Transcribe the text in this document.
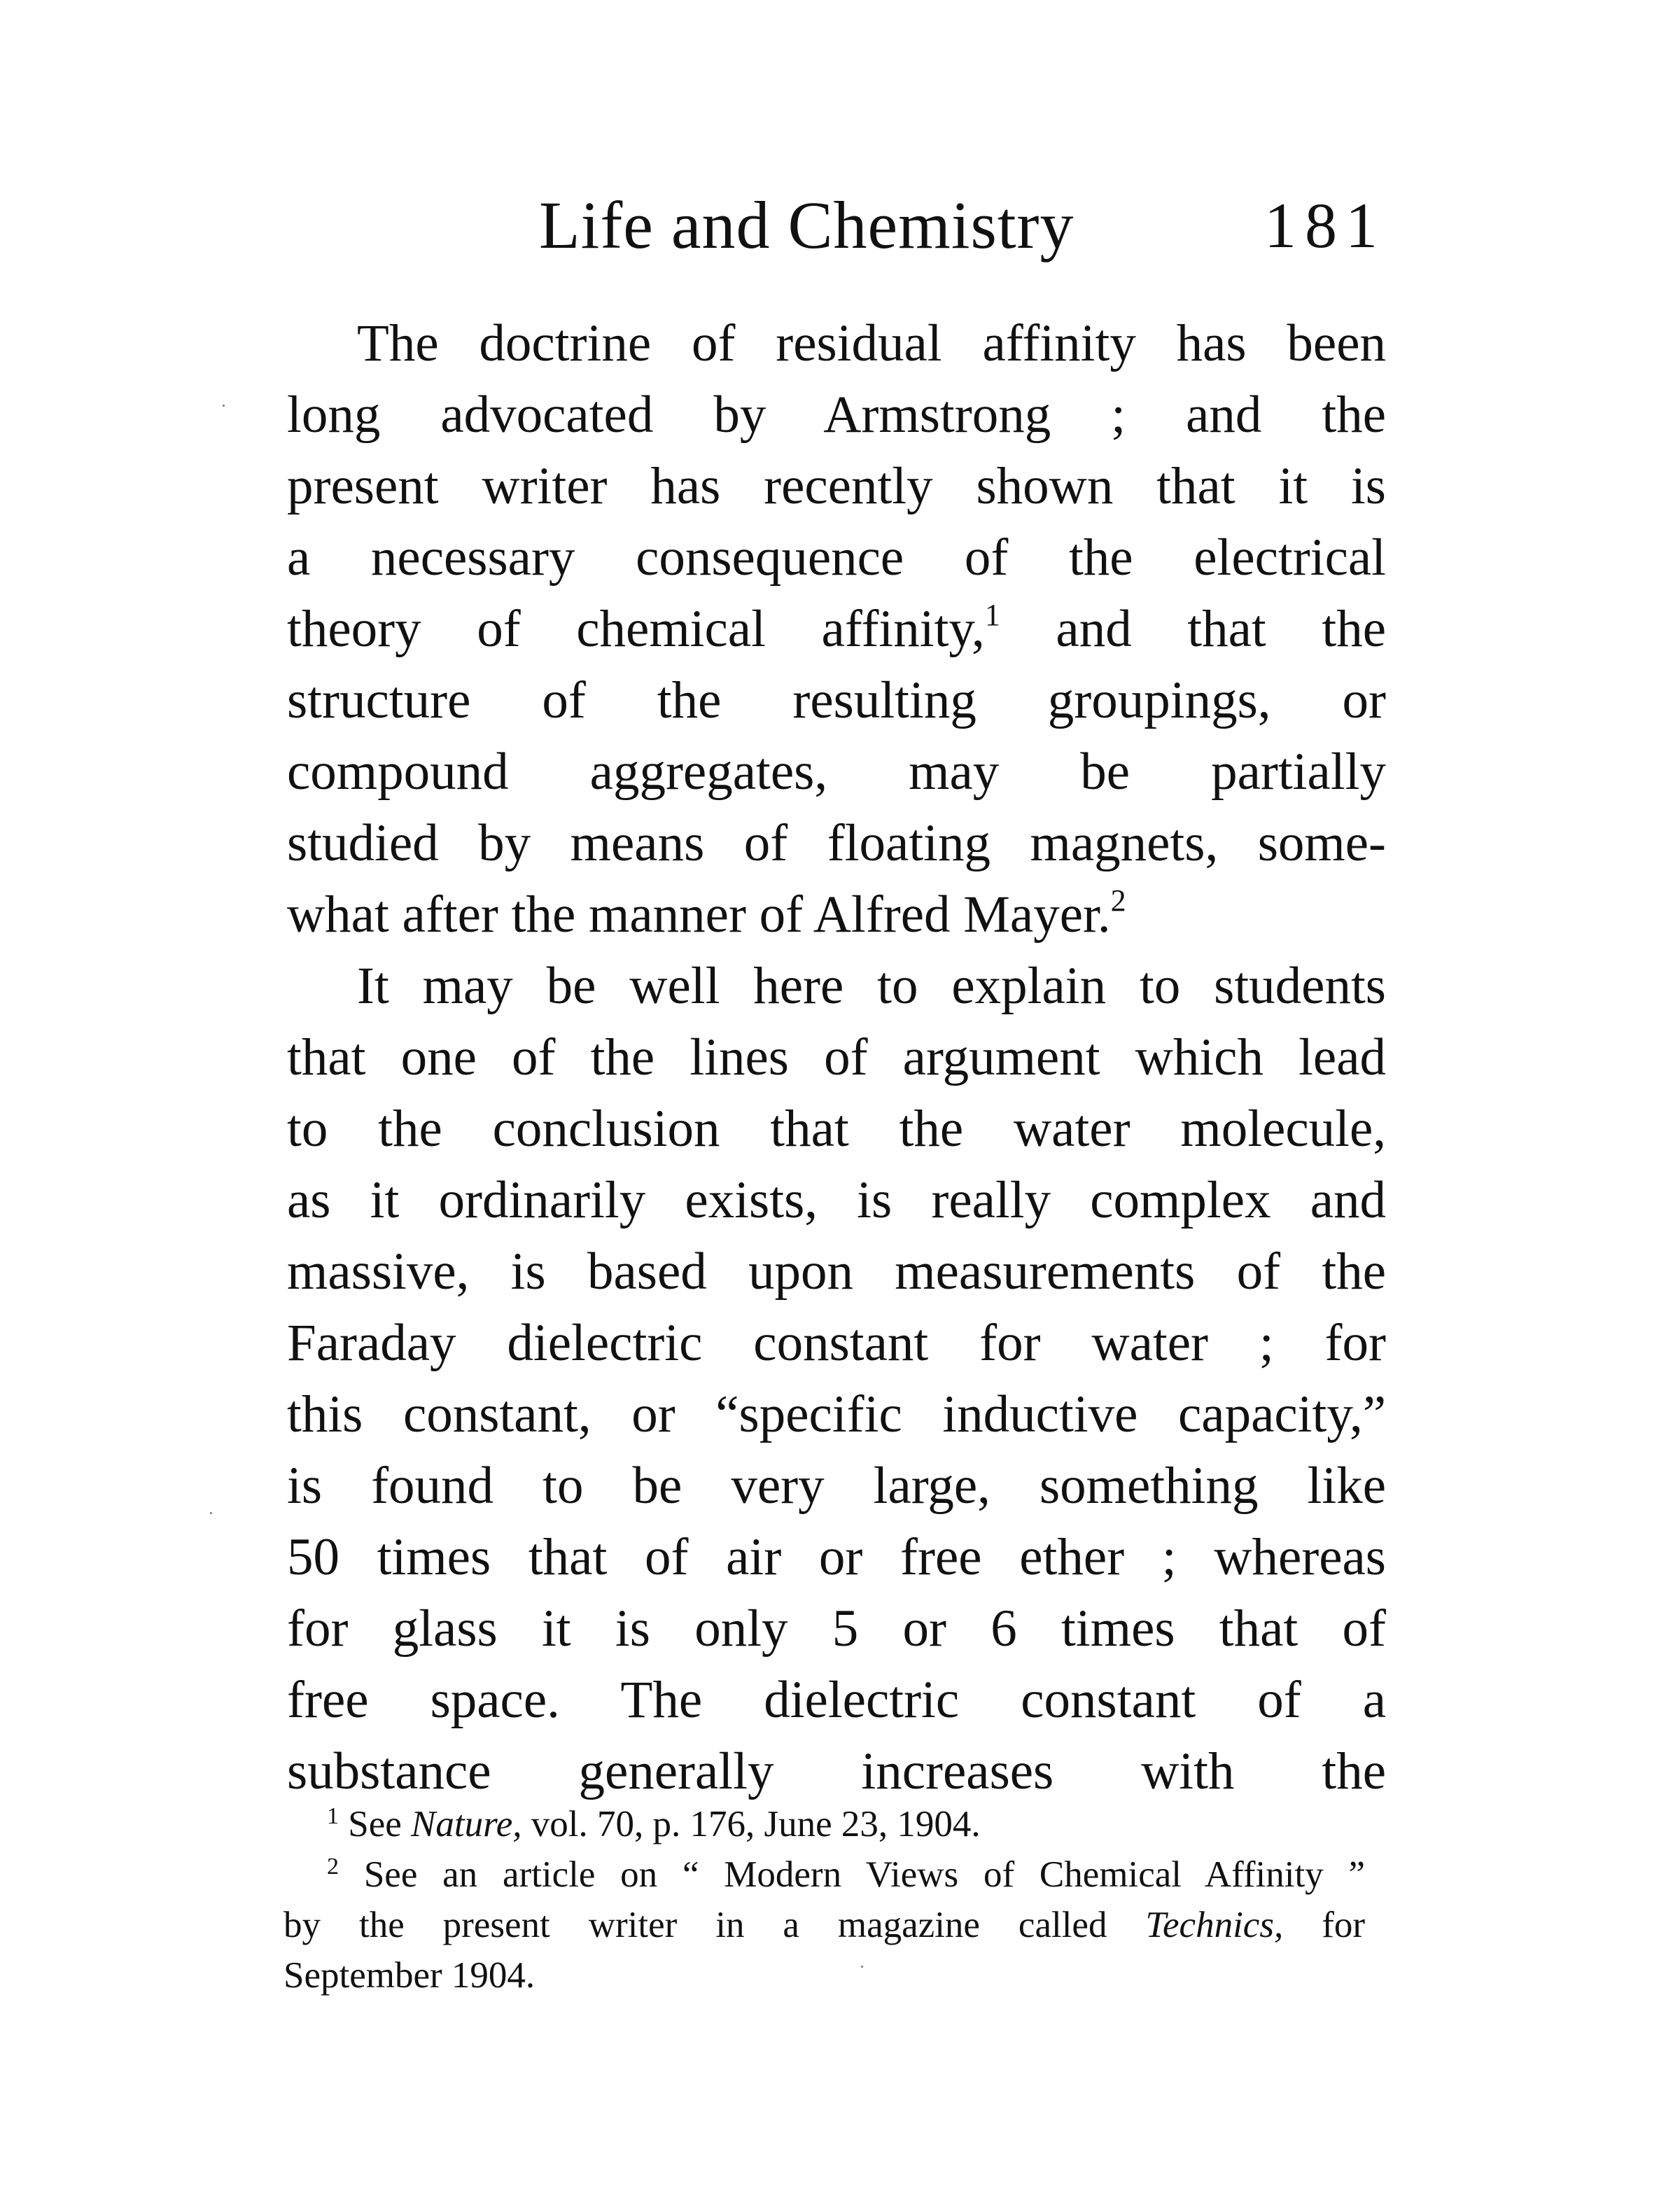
Life and Chemistry	181
The doctrine of residual affinity has been
long advocated by Armstrong ; and the
present writer has recently shown that it is
a necessary consequence of the electrical
theory of chemical affinity,$^1$ and that the
structure of the resulting groupings, or
compound aggregates, may be partially
studied by means of floating magnets, some-
what after the manner of Alfred Mayer.$^2$
It may be well here to explain to students
that one of the lines of argument which lead
to the conclusion that the water molecule,
as it ordinarily exists, is really complex and
massive, is based upon measurements of the
Faraday dielectric constant for water ; for
this constant, or “specific inductive capacity,”
is found to be very large, something like
50 times that of air or free ether ; whereas
for glass it is only 5 or 6 times that of
free space. The dielectric constant of a
substance generally increases with the
$^1$ See Nature, vol. 70, p. 176, June 23, 1904.
$^2$ See an article on “ Modern Views of Chemical Affinity ”
by the present writer in a magazine called Technics, for
September 1904.
